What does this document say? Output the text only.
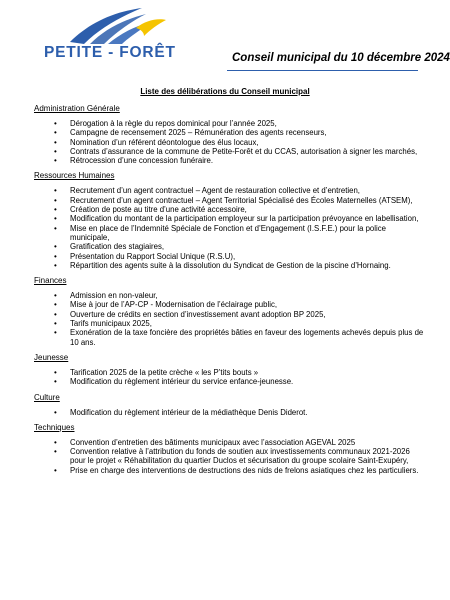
PETITE - FORÊT	Conseil municipal du 10 décembre 2024
Liste des délibérations du Conseil municipal
Administration Générale
• Dérogation à la règle du repos dominical pour l’année 2025,
• Campagne de recensement 2025 – Rémunération des agents recenseurs,
• Nomination d’un référent déontologue des élus locaux,
• Contrats d’assurance de la commune de Petite-Forêt et du CCAS, autorisation à signer les marchés,
• Rétrocession d’une concession funéraire.
Ressources Humaines
• Recrutement d’un agent contractuel – Agent de restauration collective et d’entretien,
• Recrutement d’un agent contractuel – Agent Territorial Spécialisé des Écoles Maternelles (ATSEM),
• Création de poste au titre d’une activité accessoire,
• Modification du montant de la participation employeur sur la participation prévoyance en labellisation,
• Mise en place de l’Indemnité Spéciale de Fonction et d’Engagement (I.S.F.E.) pour la police municipale,
• Gratification des stagiaires,
• Présentation du Rapport Social Unique (R.S.U),
• Répartition des agents suite à la dissolution du Syndicat de Gestion de la piscine d’Hornaing.
Finances
• Admission en non-valeur,
• Mise à jour de l’AP-CP - Modernisation de l’éclairage public,
• Ouverture de crédits en section d’investissement avant adoption BP 2025,
• Tarifs municipaux 2025,
• Exonération de la taxe foncière des propriétés bâties en faveur des logements achevés depuis plus de 10 ans.
Jeunesse
• Tarification 2025 de la petite crèche « les P’tits bouts »
• Modification du règlement intérieur du service enfance-jeunesse.
Culture
• Modification du règlement intérieur de la médiathèque Denis Diderot.
Techniques
• Convention d’entretien des bâtiments municipaux avec l’association AGEVAL 2025
• Convention relative à l’attribution du fonds de soutien aux investissements communaux 2021-2026 pour le projet « Réhabilitation du quartier Duclos et sécurisation du groupe scolaire Saint-Exupéry,
• Prise en charge des interventions de destructions des nids de frelons asiatiques chez les particuliers.
